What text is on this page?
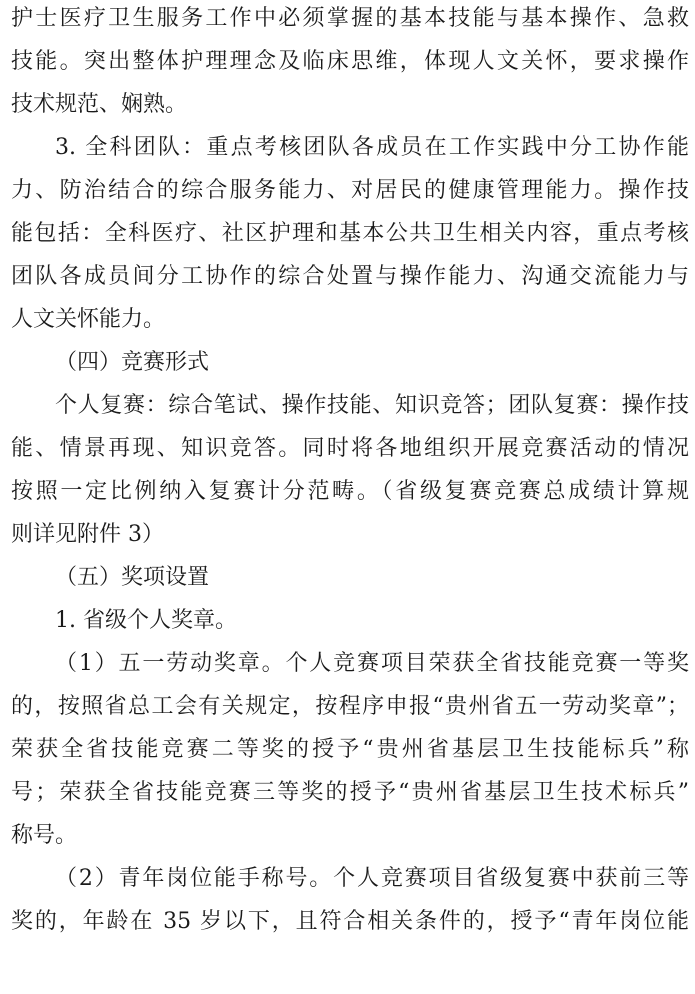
护士医疗卫生服务工作中必须掌握的基本技能与基本操作、急救
技能。突出整体护理理念及临床思维，体现人文关怀，要求操作
技术规范、娴熟。
3. 全科团队：重点考核团队各成员在工作实践中分工协作能
力、防治结合的综合服务能力、对居民的健康管理能力。操作技
能包括：全科医疗、社区护理和基本公共卫生相关内容，重点考核
团队各成员间分工协作的综合处置与操作能力、沟通交流能力与
人文关怀能力。
（四）竞赛形式
个人复赛：综合笔试、操作技能、知识竞答；团队复赛：操作技
能、情景再现、知识竞答。同时将各地组织开展竞赛活动的情况
按照一定比例纳入复赛计分范畴。（省级复赛竞赛总成绩计算规
则详见附件 3）
（五）奖项设置
1. 省级个人奖章。
（1）五一劳动奖章。个人竞赛项目荣获全省技能竞赛一等奖
的，按照省总工会有关规定，按程序申报“贵州省五一劳动奖章”；
荣获全省技能竞赛二等奖的授予“贵州省基层卫生技能标兵”称
号；荣获全省技能竞赛三等奖的授予“贵州省基层卫生技术标兵”
称号。
（2）青年岗位能手称号。个人竞赛项目省级复赛中获前三等
奖的，年龄在 35 岁以下，且符合相关条件的，授予“青年岗位能
